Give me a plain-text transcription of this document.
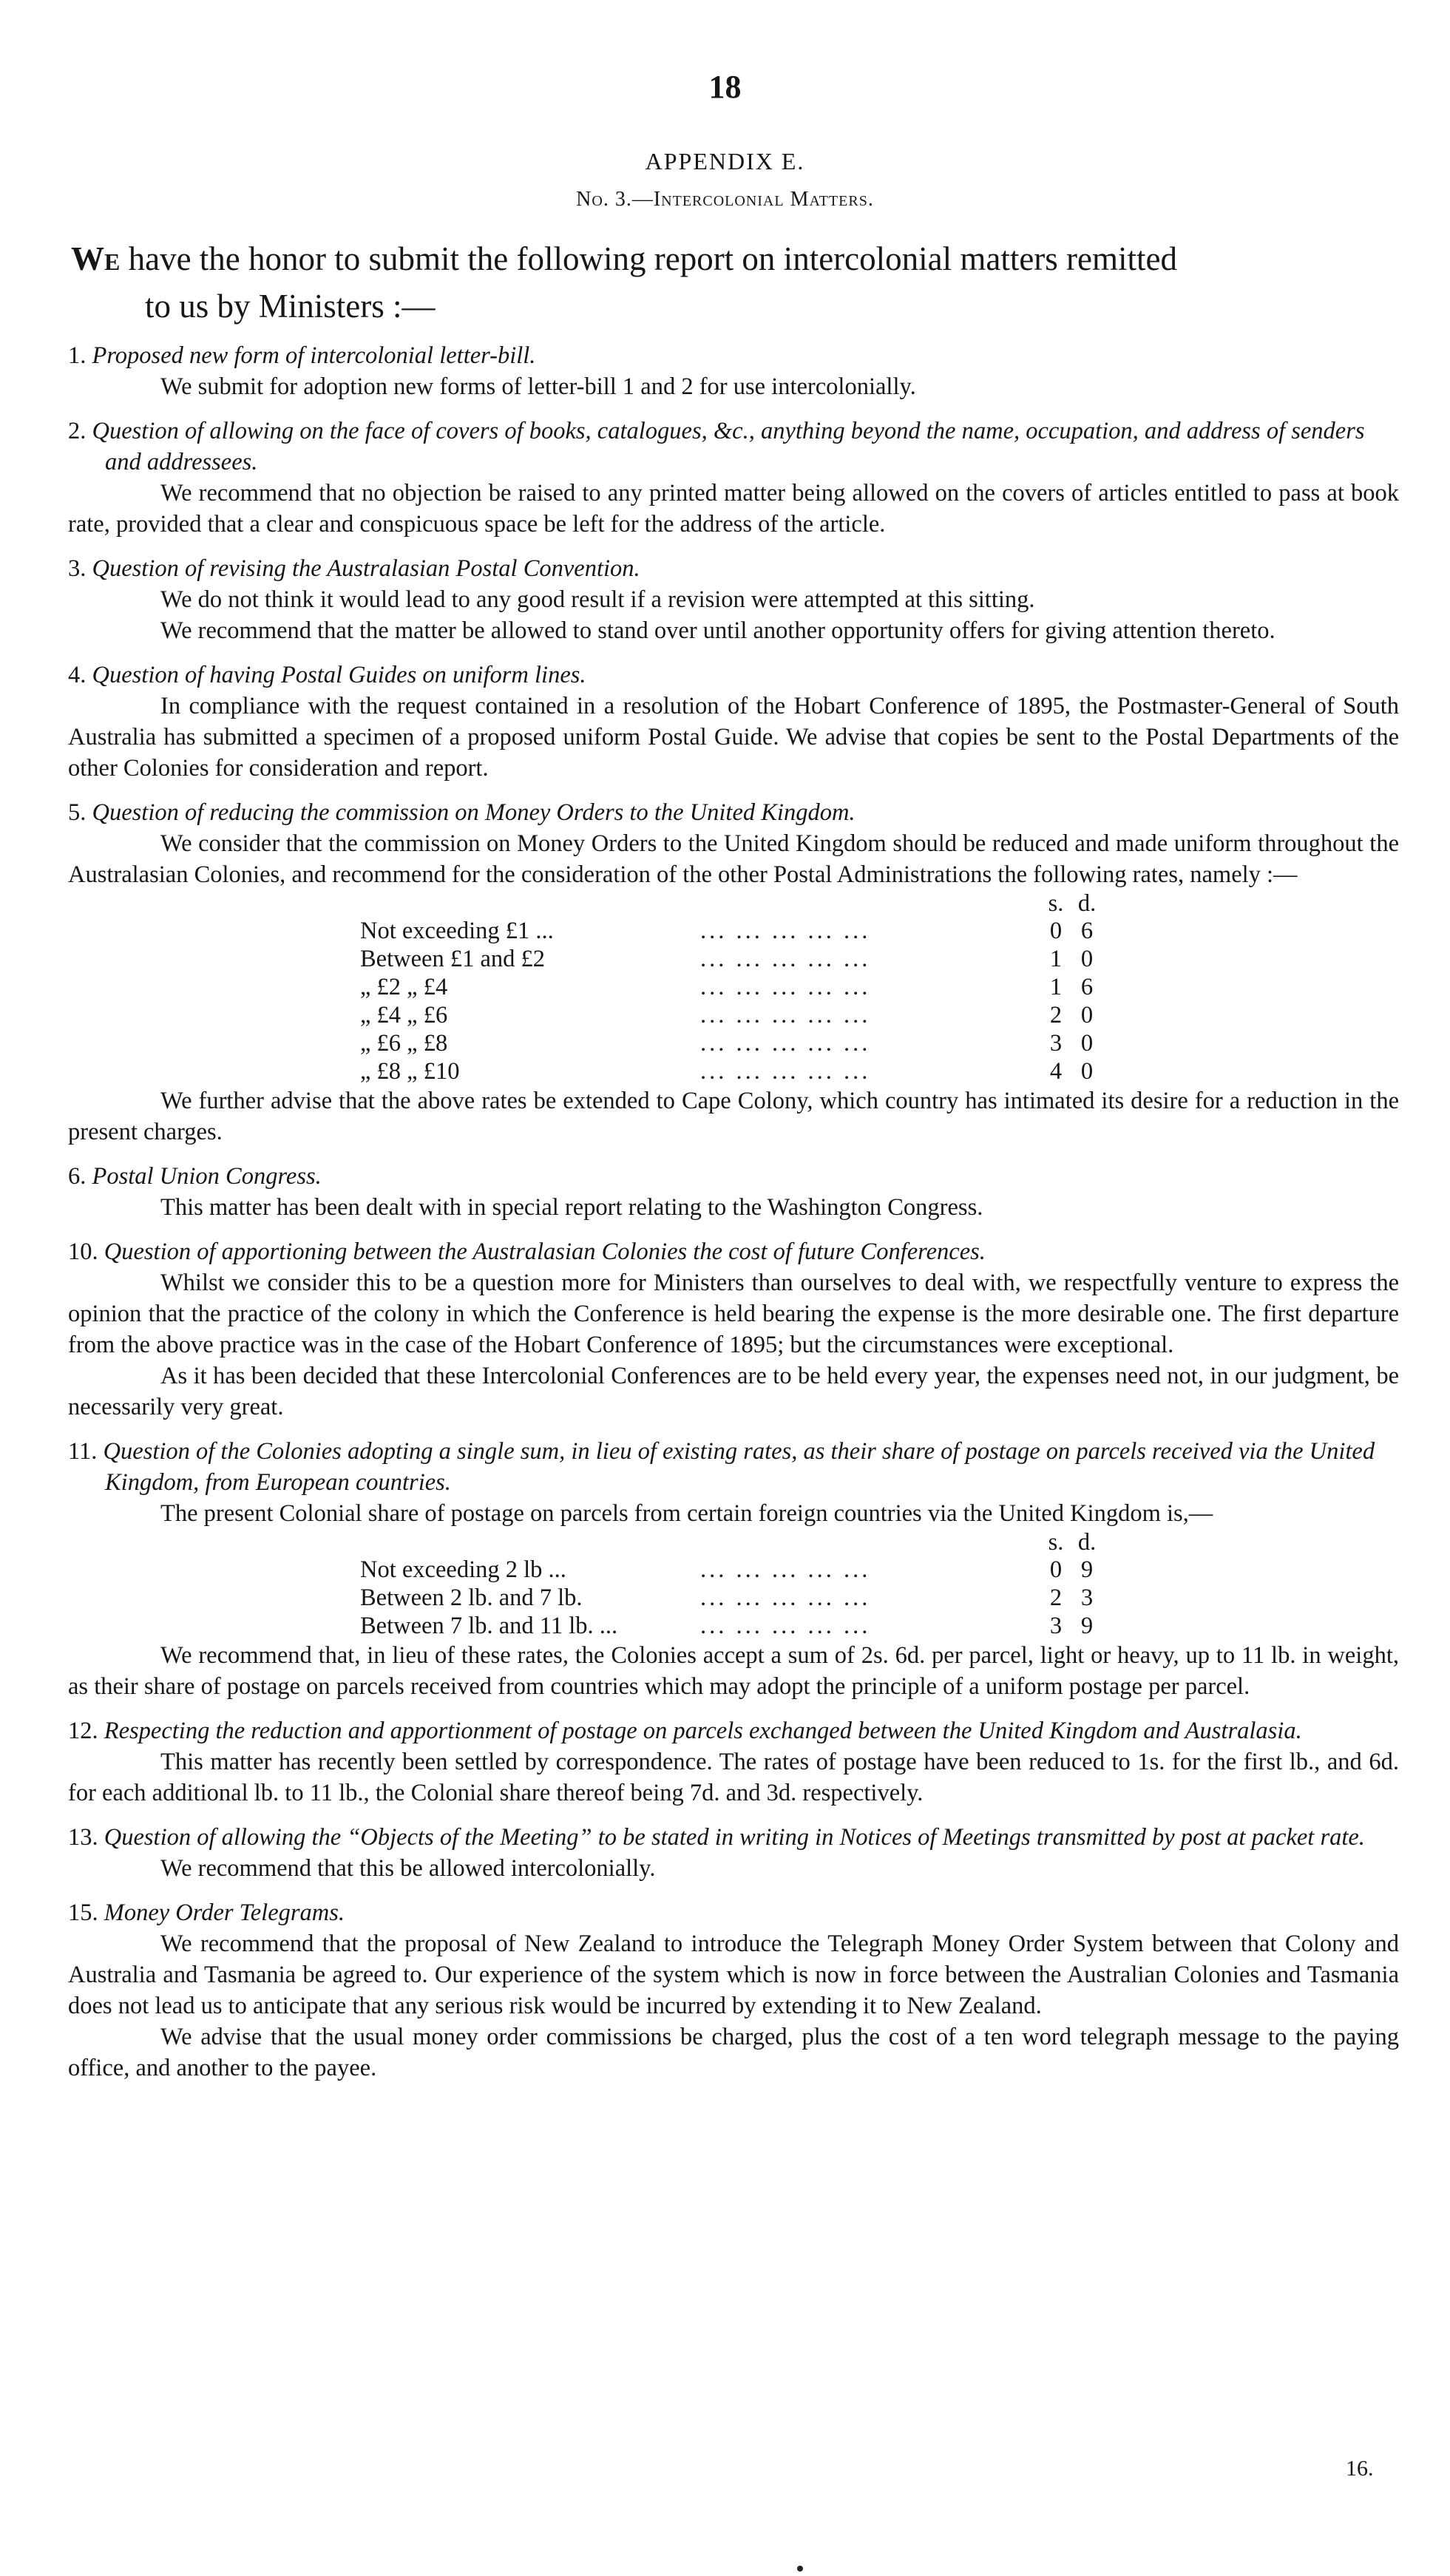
18
APPENDIX E.
No. 3.—Intercolonial Matters.
We have the honor to submit the following report on intercolonial matters remitted
to us by Ministers :—
1. Proposed new form of intercolonial letter-bill.

We submit for adoption new forms of letter-bill 1 and 2 for use intercolonially.

2. Question of allowing on the face of covers of books, catalogues, &c., anything beyond the name, occupation, and address of senders and addressees.

We recommend that no objection be raised to any printed matter being allowed on the covers of articles entitled to pass at book rate, provided that a clear and conspicuous space be left for the address of the article.

3. Question of revising the Australasian Postal Convention.

We do not think it would lead to any good result if a revision were attempted at this sitting.

We recommend that the matter be allowed to stand over until another opportunity offers for giving attention thereto.

4. Question of having Postal Guides on uniform lines.

In compliance with the request contained in a resolution of the Hobart Conference of 1895, the Postmaster-General of South Australia has submitted a specimen of a proposed uniform Postal Guide. We advise that copies be sent to the Postal Departments of the other Colonies for consideration and report.

5. Question of reducing the commission on Money Orders to the United Kingdom.

We consider that the commission on Money Orders to the United Kingdom should be reduced and made uniform throughout the Australasian Colonies, and recommend for the consideration of the other Postal Administrations the following rates, namely :—

		s.	d.
Not exceeding £1 ...	... ... ... ... ...	0	6
Between £1 and £2	... ... ... ... ...	1	0
„ £2 „ £4	... ... ... ... ...	1	6
„ £4 „ £6	... ... ... ... ...	2	0
„ £6 „ £8	... ... ... ... ...	3	0
„ £8 „ £10	... ... ... ... ...	4	0

We further advise that the above rates be extended to Cape Colony, which country has intimated its desire for a reduction in the present charges.

6. Postal Union Congress.

This matter has been dealt with in special report relating to the Washington Congress.

10. Question of apportioning between the Australasian Colonies the cost of future Conferences.

Whilst we consider this to be a question more for Ministers than ourselves to deal with, we respectfully venture to express the opinion that the practice of the colony in which the Conference is held bearing the expense is the more desirable one. The first departure from the above practice was in the case of the Hobart Conference of 1895; but the circumstances were exceptional.

As it has been decided that these Intercolonial Conferences are to be held every year, the expenses need not, in our judgment, be necessarily very great.

11. Question of the Colonies adopting a single sum, in lieu of existing rates, as their share of postage on parcels received via the United Kingdom, from European countries.

The present Colonial share of postage on parcels from certain foreign countries via the United Kingdom is,—

		s.	d.
Not exceeding 2 lb ...	... ... ... ... ...	0	9
Between 2 lb. and 7 lb.	... ... ... ... ...	2	3
Between 7 lb. and 11 lb. ...	... ... ... ... ...	3	9

We recommend that, in lieu of these rates, the Colonies accept a sum of 2s. 6d. per parcel, light or heavy, up to 11 lb. in weight, as their share of postage on parcels received from countries which may adopt the principle of a uniform postage per parcel.

12. Respecting the reduction and apportionment of postage on parcels exchanged between the United Kingdom and Australasia.

This matter has recently been settled by correspondence. The rates of postage have been reduced to 1s. for the first lb., and 6d. for each additional lb. to 11 lb., the Colonial share thereof being 7d. and 3d. respectively.

13. Question of allowing the “Objects of the Meeting” to be stated in writing in Notices of Meetings transmitted by post at packet rate.

We recommend that this be allowed intercolonially.

15. Money Order Telegrams.

We recommend that the proposal of New Zealand to introduce the Telegraph Money Order System between that Colony and Australia and Tasmania be agreed to. Our experience of the system which is now in force between the Australian Colonies and Tasmania does not lead us to anticipate that any serious risk would be incurred by extending it to New Zealand.

We advise that the usual money order commissions be charged, plus the cost of a ten word telegraph message to the paying office, and another to the payee.

16.
